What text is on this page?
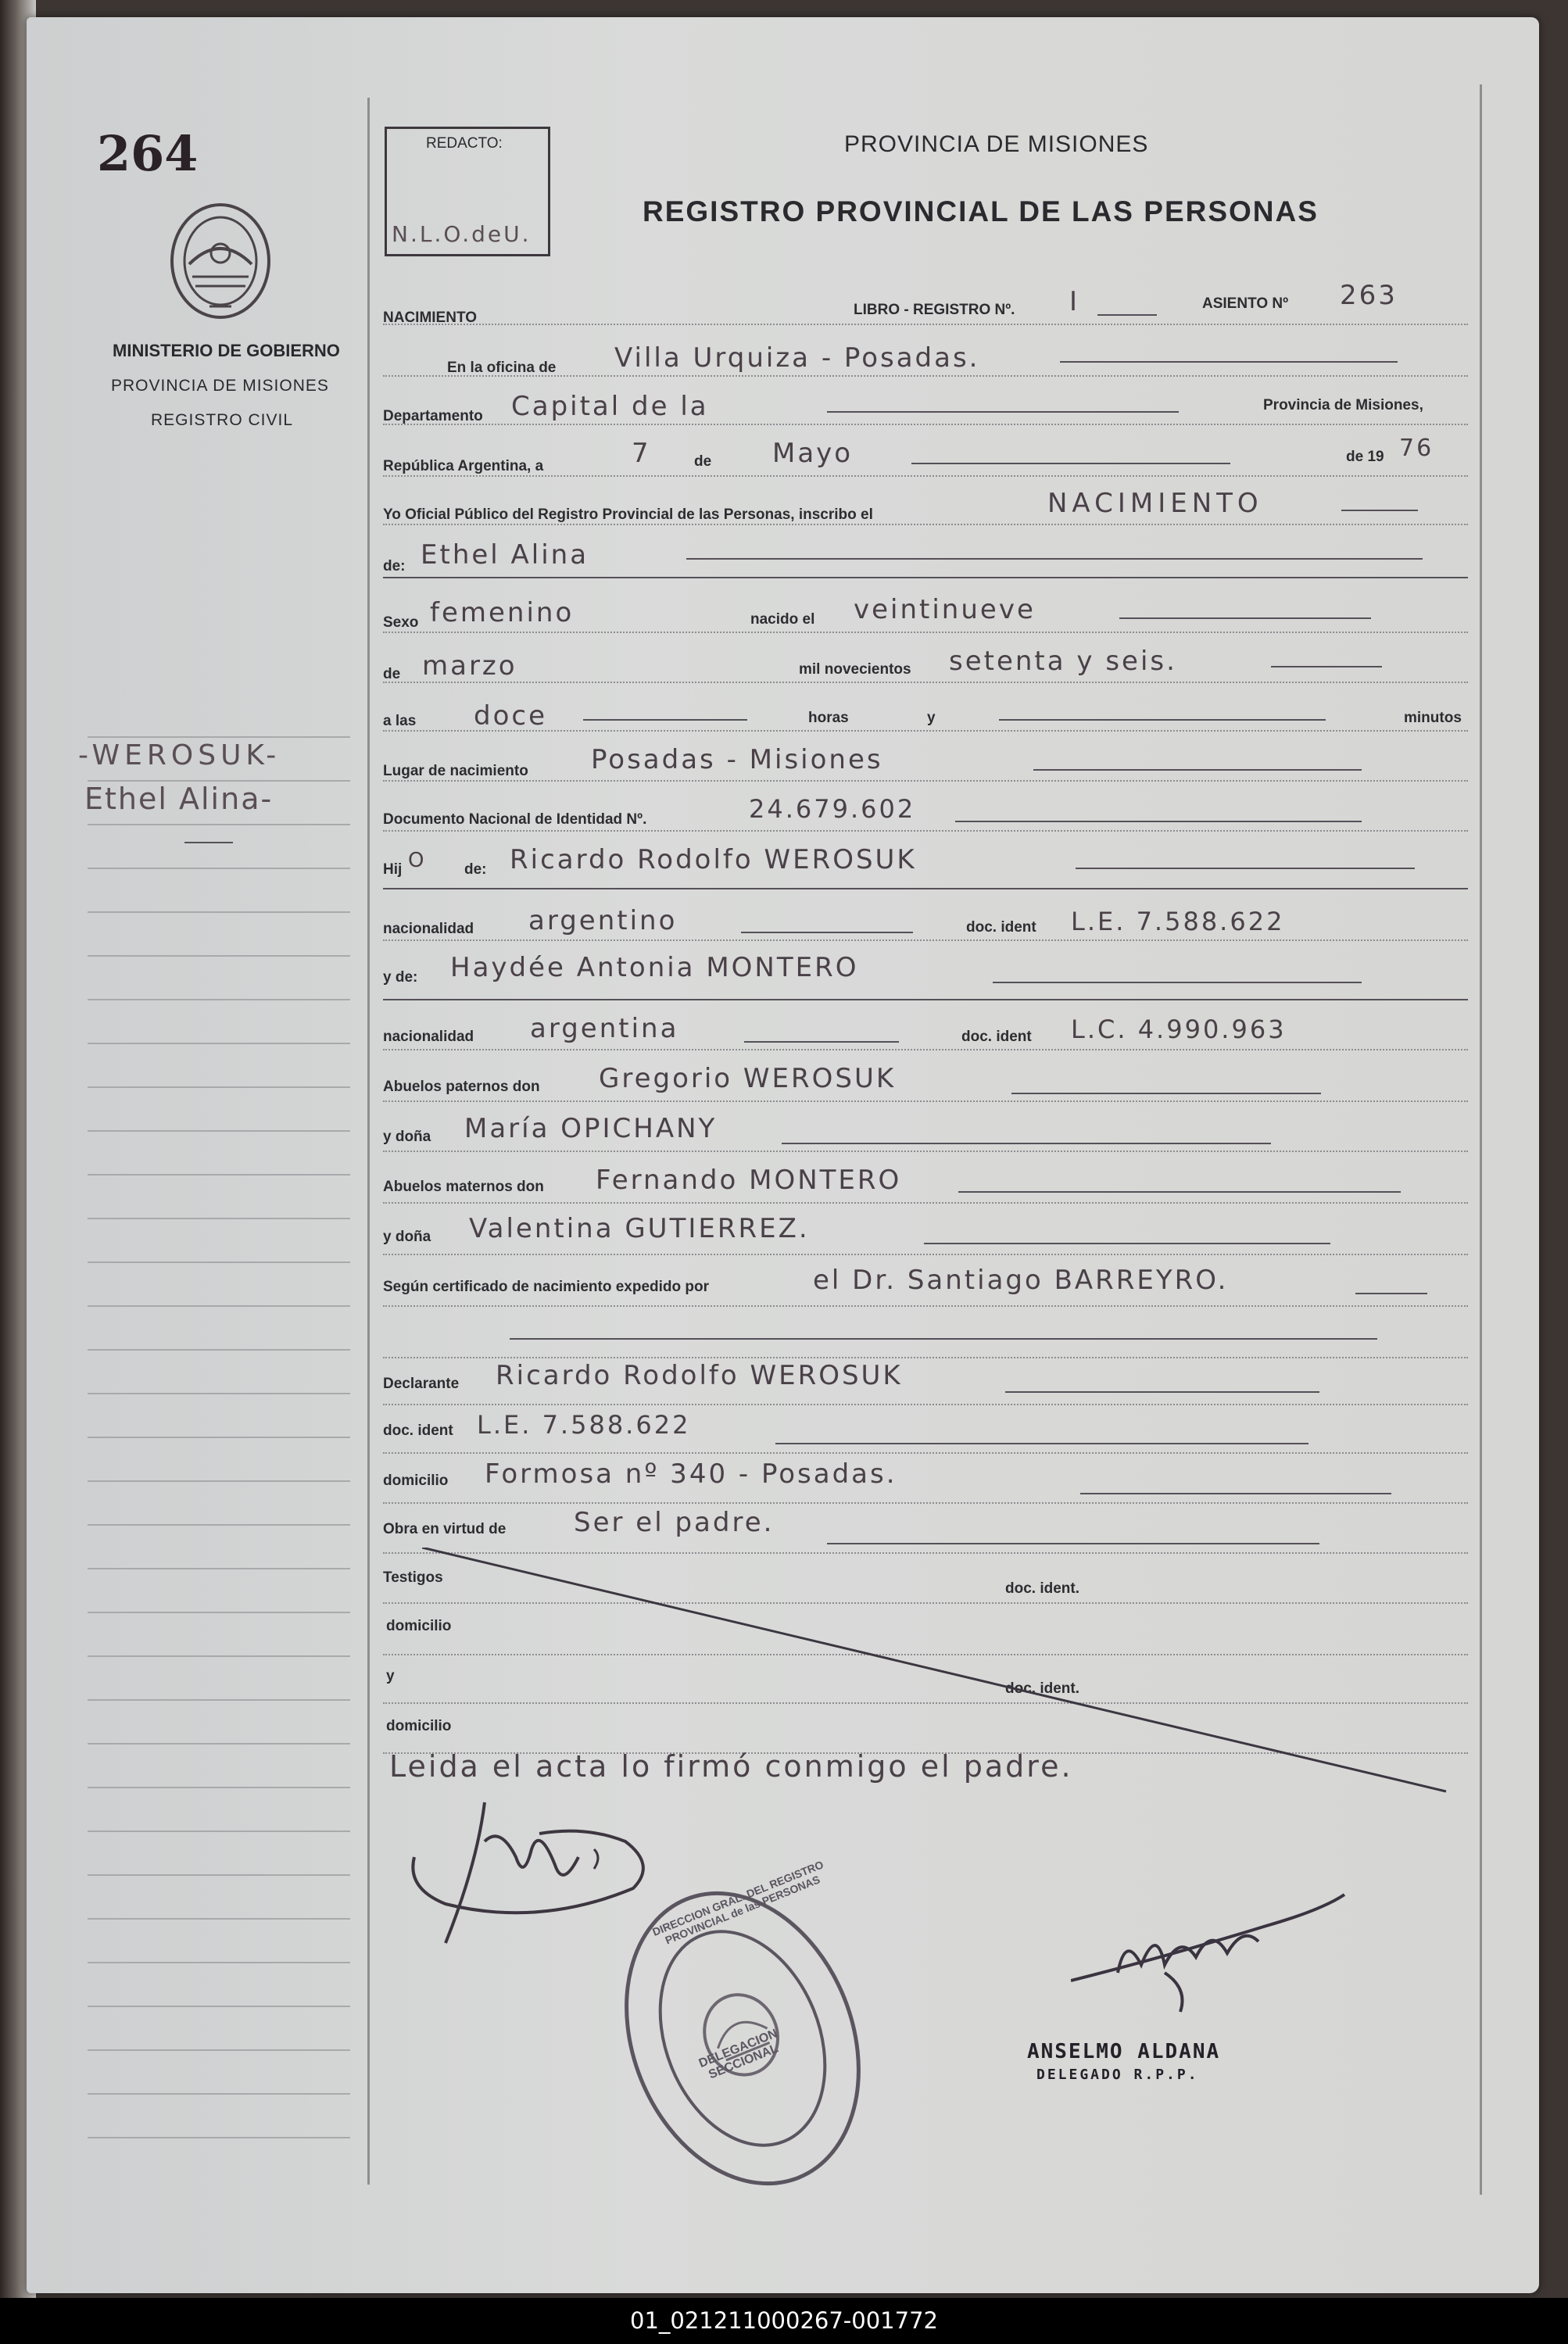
264
MINISTERIO DE GOBIERNO
PROVINCIA DE MISIONES
REGISTRO CIVIL
-WEROSUK-
Ethel Alina-
REDACTO:
N.L.O.deU.
PROVINCIA DE MISIONES
REGISTRO PROVINCIAL DE LAS PERSONAS
NACIMIENTO	LIBRO - REGISTRO Nº. I	ASIENTO Nº 263
En la oficina de Villa Urquiza - Posadas.
Departamento Capital de la	Provincia de Misiones,
República Argentina, a	7	de Mayo	de 19 76
Yo Oficial Público del Registro Provincial de las Personas, inscribo el	NACIMIENTO
de: Ethel Alina
Sexo femenino	nacido el veintinueve
de marzo	mil novecientos setenta y seis.
a las doce	horas	y	minutos
Lugar de nacimiento Posadas - Misiones
Documento Nacional de Identidad Nº.	24.679.602
Hij O	de: Ricardo Rodolfo WEROSUK
nacionalidad argentino	doc. ident L.E. 7.588.622
y de: Haydée Antonia MONTERO
nacionalidad argentina	doc. ident L.C. 4.990.963
Abuelos paternos don Gregorio WEROSUK
y doña María OPICHANY
Abuelos maternos don Fernando MONTERO
y doña Valentina GUTIERREZ.
Según certificado de nacimiento expedido por	el Dr. Santiago BARREYRO.
Declarante Ricardo Rodolfo WEROSUK
doc. ident L.E. 7.588.622
domicilio Formosa nº 340 - Posadas.
Obra en virtud de	Ser el padre.
Testigos
doc. ident.
domicilio
y
doc. ident.
domicilio
Leida el acta lo firmó conmigo el padre.
DELEGACION SECCIONAL
DIRECCION GRAL. DEL REGISTRO PROVINCIAL de las PERSONAS
ANSELMO ALDANA
DELEGADO R.P.P.
01_021211000267-001772
